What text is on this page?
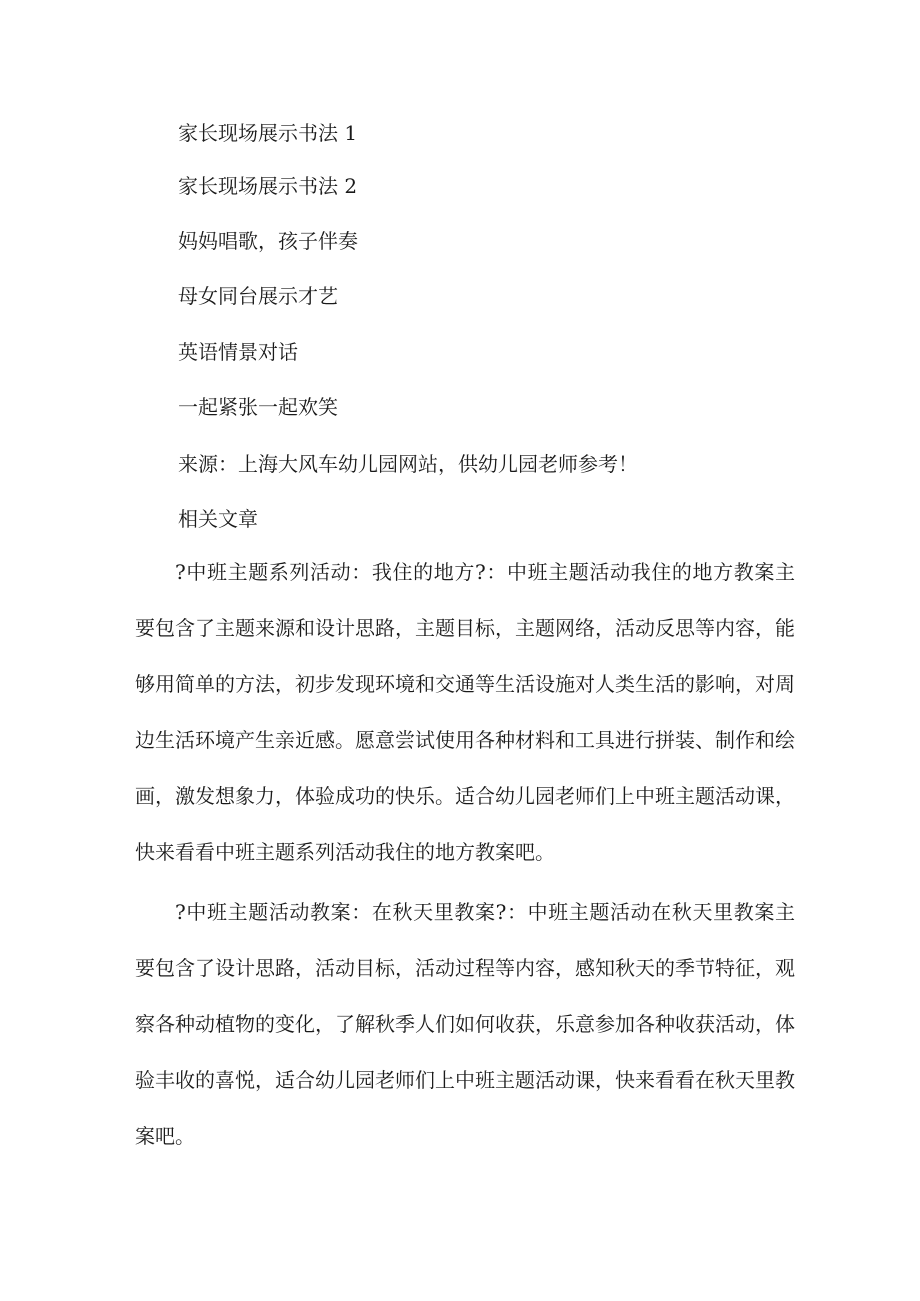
家长现场展示书法 1

家长现场展示书法 2

妈妈唱歌，孩子伴奏

母女同台展示才艺

英语情景对话

一起紧张一起欢笑

来源：上海大风车幼儿园网站，供幼儿园老师参考！

相关文章

?中班主题系列活动：我住的地方?：中班主题活动我住的地方教案主要包含了主题来源和设计思路，主题目标，主题网络，活动反思等内容，能够用简单的方法，初步发现环境和交通等生活设施对人类生活的影响，对周边生活环境产生亲近感。愿意尝试使用各种材料和工具进行拼装、制作和绘画，激发想象力，体验成功的快乐。适合幼儿园老师们上中班主题活动课，快来看看中班主题系列活动我住的地方教案吧。

?中班主题活动教案：在秋天里教案?：中班主题活动在秋天里教案主要包含了设计思路，活动目标，活动过程等内容，感知秋天的季节特征，观察各种动植物的变化，了解秋季人们如何收获，乐意参加各种收获活动，体验丰收的喜悦，适合幼儿园老师们上中班主题活动课，快来看看在秋天里教案吧。
